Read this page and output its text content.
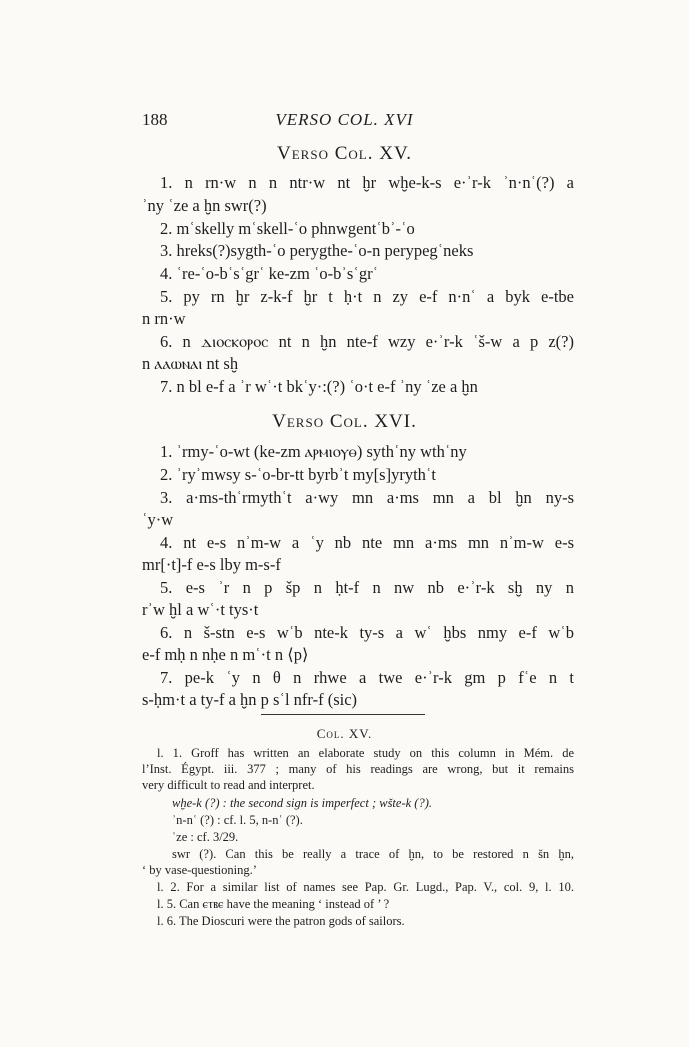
188	VERSO COL. XVI
Verso Col. XV.
1. n rn·w n n ntr·w nt ḫr wḫe-k-s e·ʾr-k ʾn·nʿ(?) a
ʾny ʿze a ḫn swr(?)
2. mʿskelly mʿskell-ʿo phnwgentʿbʾ-ʿo
3. hreks(?)sygth-ʿo perygthe-ʿo-n perypegʿneks
4. ʿre-ʿo-bʿsʿgrʿ ke-zm ʿo-bʾsʿgrʿ
5. py rn ḫr z-k-f ḫr t ḥ·t n zy e-f n·nʿ a byk e-tbe
n rn·w
6. n ⲇⲓⲟⲥⲕⲟⲣⲟⲥ nt n ḫn nte-f wzy e·ʾr-k ʿš-w a p z(?)
n ⲁⲁⲱⲛⲁⲓ nt sḫ
7. n bl e-f a ʾr wʿ·t bkʿy·:(?) ʿo·t e-f ʾny ʿze a ḫn
Verso Col. XVI.
1. ʾrmy-ʿo-wt (ke-zm ⲁⲣⲙⲓⲟⲩⲑ) sythʿny wthʿny
2. ʾryʾmwsy s-ʿo-br-tt byrbʾt my[s]yrythʿt
3. a·ms-thʿrmythʿt a·wy mn a·ms mn a bl ḫn ny-s
ʿy·w
4. nt e-s nʾm-w a ʿy nb nte mn a·ms mn nʾm-w e-s
mr[·t]-f e-s lby m-s-f
5. e-s ʾr n p šp n ḥt-f n nw nb e·ʾr-k sḫ ny n
rʾw ḫl a wʿ·t tys·t
6. n š-stn e-s wʿb nte-k ty-s a wʿ ḫbs nmy e-f wʿb
e-f mḥ n nḥe n mʿ·t n ⟨p⟩
7. pe-k ʿy n θ n rhwe a twe e·ʾr-k gm p fʿe n t
s-ḥm·t a ty-f a ḫn p sʿl nfr-f (sic)
Col. XV.
l. 1. Groff has written an elaborate study on this column in Mém. de
l’Inst. Égypt. iii. 377 ; many of his readings are wrong, but it remains
very difficult to read and interpret.
wḫe-k (?) : the second sign is imperfect ; wšte-k (?).
ʾn-nʿ (?) : cf. l. 5, n-nʿ (?).
ʿze : cf. 3/29.
swr (?). Can this be really a trace of ḫn, to be restored n šn ḫn,
‘ by vase-questioning.’
l. 2. For a similar list of names see Pap. Gr. Lugd., Pap. V., col. 9, l. 10.
l. 5. Can ⲉⲧⲃⲉ have the meaning ‘ instead of ’ ?
l. 6. The Dioscuri were the patron gods of sailors.
